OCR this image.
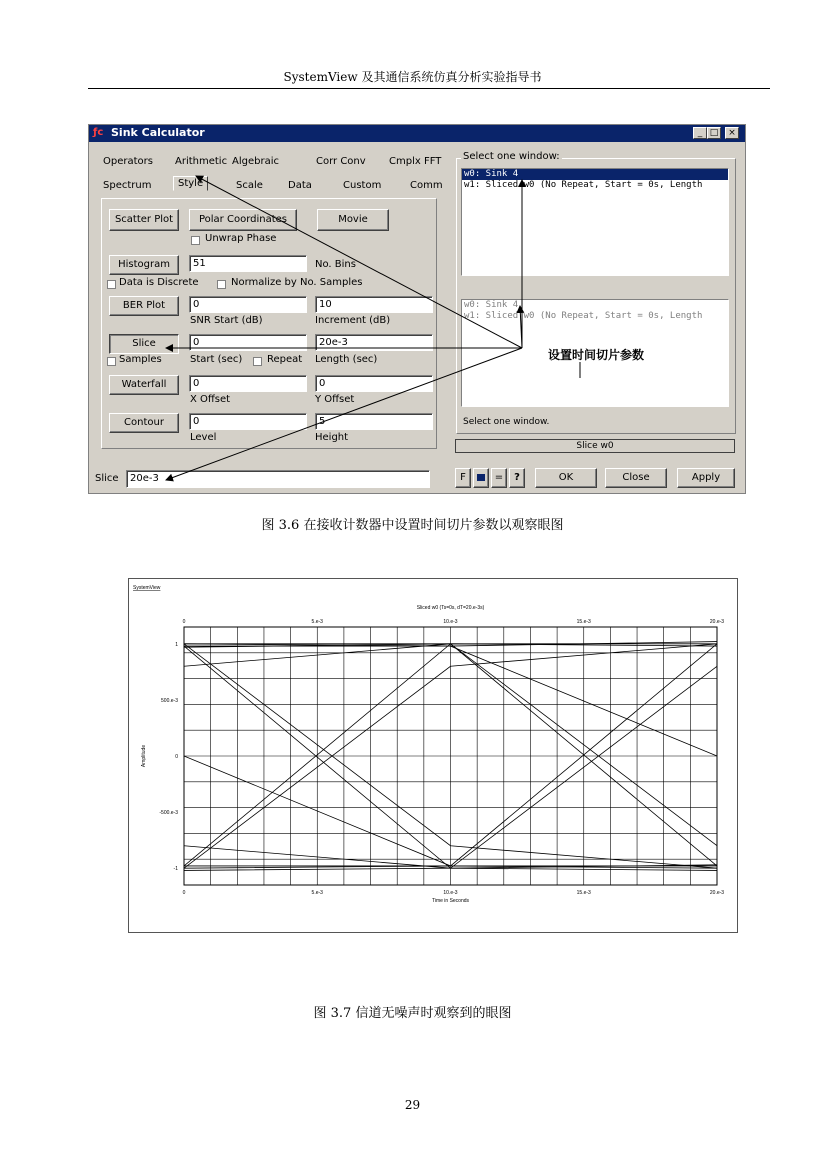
SystemView 及其通信系统仿真分析实验指导书
ƒc Sink Calculator	_ □	×
Operators Arithmetic Algebraic	Corr Conv Cmplx FFT
Spectrum	Style	Scale	Data	Custom	Comm
Scatter Plot	Polar Coordinates	Movie
Unwrap Phase
Histogram	51	No. Bins
Data is Discrete	Normalize by No. Samples
BER Plot	0	10
SNR Start (dB)	Increment (dB)
Slice	0	20e-3
Samples	Start (sec) Repeat Length (sec)
Waterfall	0	0
X Offset	Y Offset
Contour	0	5
Level	Height
Select one window:
w0: Sink 4
w1: Sliced w0 (No Repeat, Start = 0s, Length
w0: Sink 4
w1: Sliced w0 (No Repeat, Start = 0s, Length
设置时间切片参数
Select one window.
Slice w0
Slice	20e-3	F	=	?	OK	Close	Apply
图 3.6 在接收计数器中设置时间切片参数以观察眼图
0
0
5.e-3
5.e-3
10.e-3
10.e-3
15.e-3
15.e-3
20.e-3
20.e-3
1
500.e-3
0
-500.e-3
-1
Sliced w0 (Ts=0s, dT=20.e-3s)
Time in Seconds
Amplitude
SystemView
图 3.7 信道无噪声时观察到的眼图
29
